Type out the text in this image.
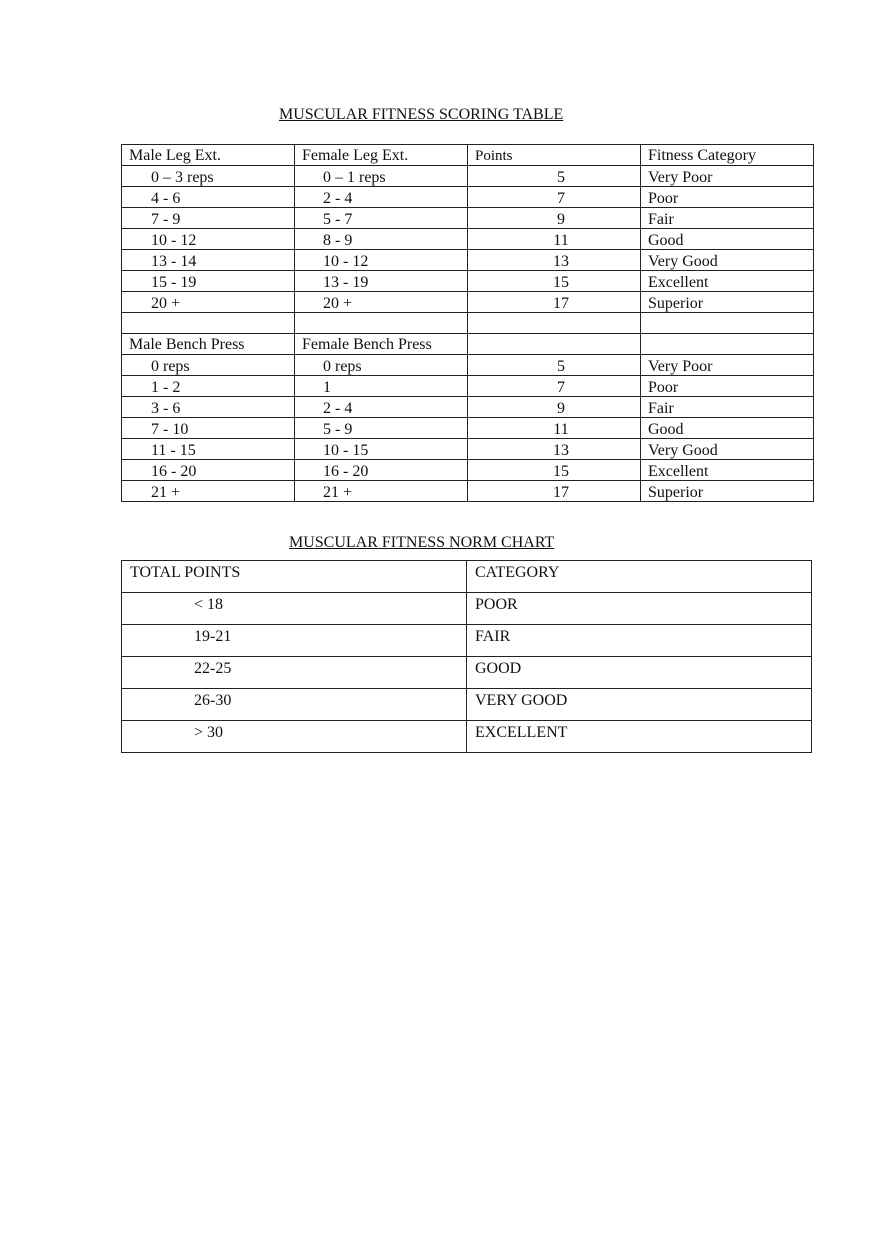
MUSCULAR FITNESS SCORING TABLE
Male Leg Ext.	Female Leg Ext.	Points	Fitness Category
0 – 3 reps	0 – 1 reps	5	Very Poor
4 - 6	2 - 4	7	Poor
7 - 9	5 - 7	9	Fair
10 - 12	8 - 9	11	Good
13 - 14	10 - 12	13	Very Good
15 - 19	13 - 19	15	Excellent
20 +	20 +	17	Superior

Male Bench Press	Female Bench Press		
0 reps	0 reps	5	Very Poor
1 - 2	1	7	Poor
3 - 6	2 - 4	9	Fair
7 - 10	5 - 9	11	Good
11 - 15	10 - 15	13	Very Good
16 - 20	16 - 20	15	Excellent
21 +	21 +	17	Superior
MUSCULAR FITNESS NORM CHART
TOTAL POINTS	CATEGORY
< 18	POOR
19-21	FAIR
22-25	GOOD
26-30	VERY GOOD
> 30	EXCELLENT
